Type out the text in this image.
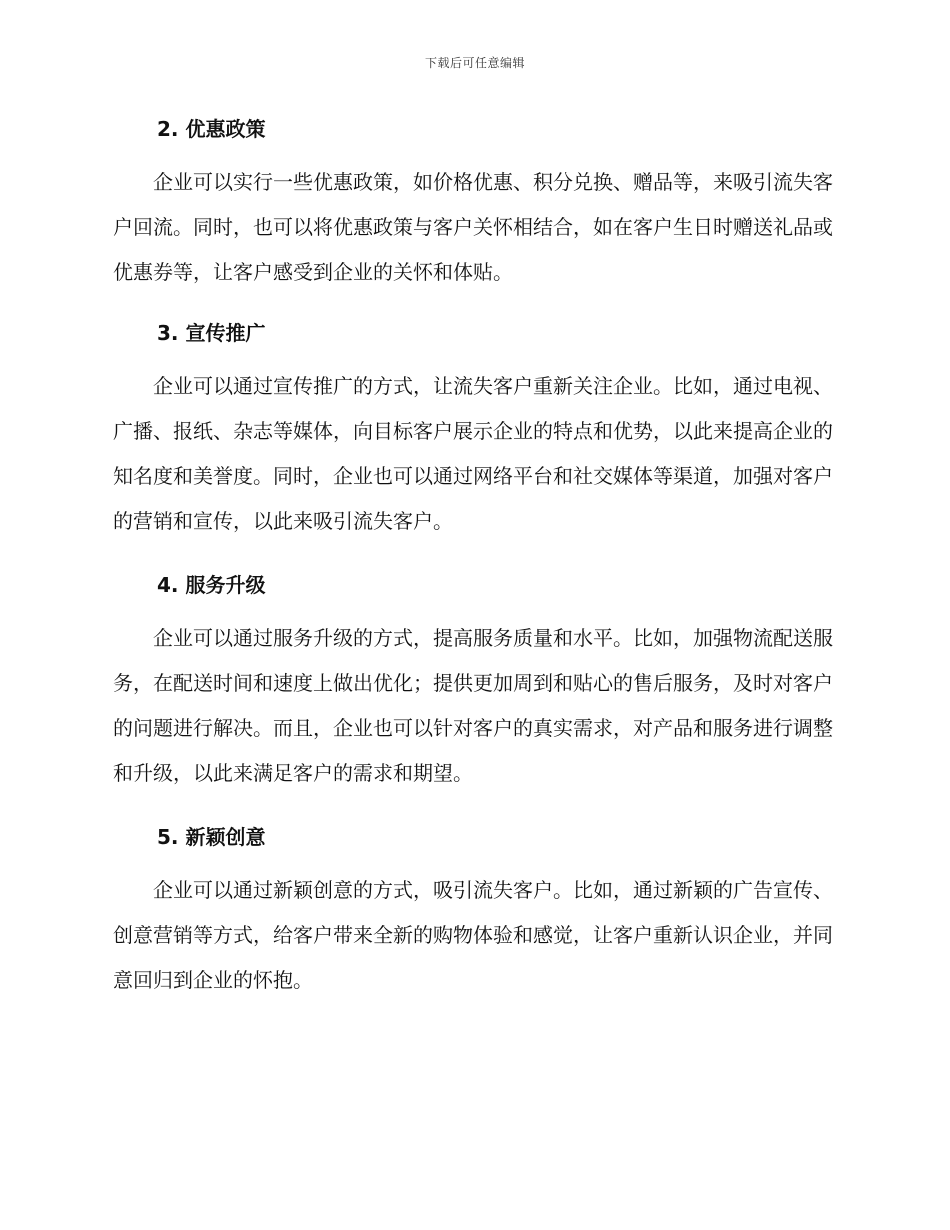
下载后可任意编辑
2. 优惠政策

企业可以实行一些优惠政策，如价格优惠、积分兑换、赠品等，来吸引流失客户回流。同时，也可以将优惠政策与客户关怀相结合，如在客户生日时赠送礼品或优惠券等，让客户感受到企业的关怀和体贴。

3. 宣传推广

企业可以通过宣传推广的方式，让流失客户重新关注企业。比如，通过电视、广播、报纸、杂志等媒体，向目标客户展示企业的特点和优势，以此来提高企业的知名度和美誉度。同时，企业也可以通过网络平台和社交媒体等渠道，加强对客户的营销和宣传，以此来吸引流失客户。

4. 服务升级

企业可以通过服务升级的方式，提高服务质量和水平。比如，加强物流配送服务，在配送时间和速度上做出优化；提供更加周到和贴心的售后服务，及时对客户的问题进行解决。而且，企业也可以针对客户的真实需求，对产品和服务进行调整和升级，以此来满足客户的需求和期望。

5. 新颖创意

企业可以通过新颖创意的方式，吸引流失客户。比如，通过新颖的广告宣传、创意营销等方式，给客户带来全新的购物体验和感觉，让客户重新认识企业，并同意回归到企业的怀抱。
